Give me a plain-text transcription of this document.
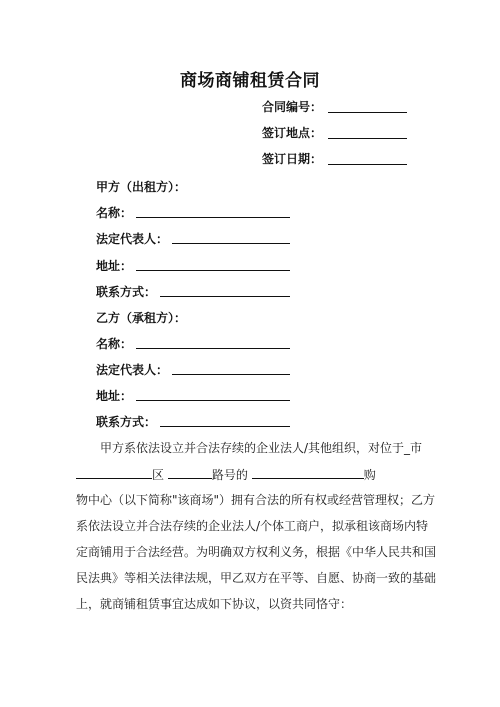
商场商铺租赁合同
合同编号：
签订地点：
签订日期：
甲方（出租方）：
名称：
法定代表人：
地址：
联系方式：
乙方（承租方）：
名称：
法定代表人：
地址：
联系方式：
甲方系依法设立并合法存续的企业法人/其他组织，对位于_市
区	路号的	购
物中心（以下简称"该商场"）拥有合法的所有权或经营管理权；乙方
系依法设立并合法存续的企业法人/个体工商户，拟承租该商场内特
定商铺用于合法经营。为明确双方权利义务，根据《中华人民共和国
民法典》等相关法律法规，甲乙双方在平等、自愿、协商一致的基础
上，就商铺租赁事宜达成如下协议，以资共同恪守：
